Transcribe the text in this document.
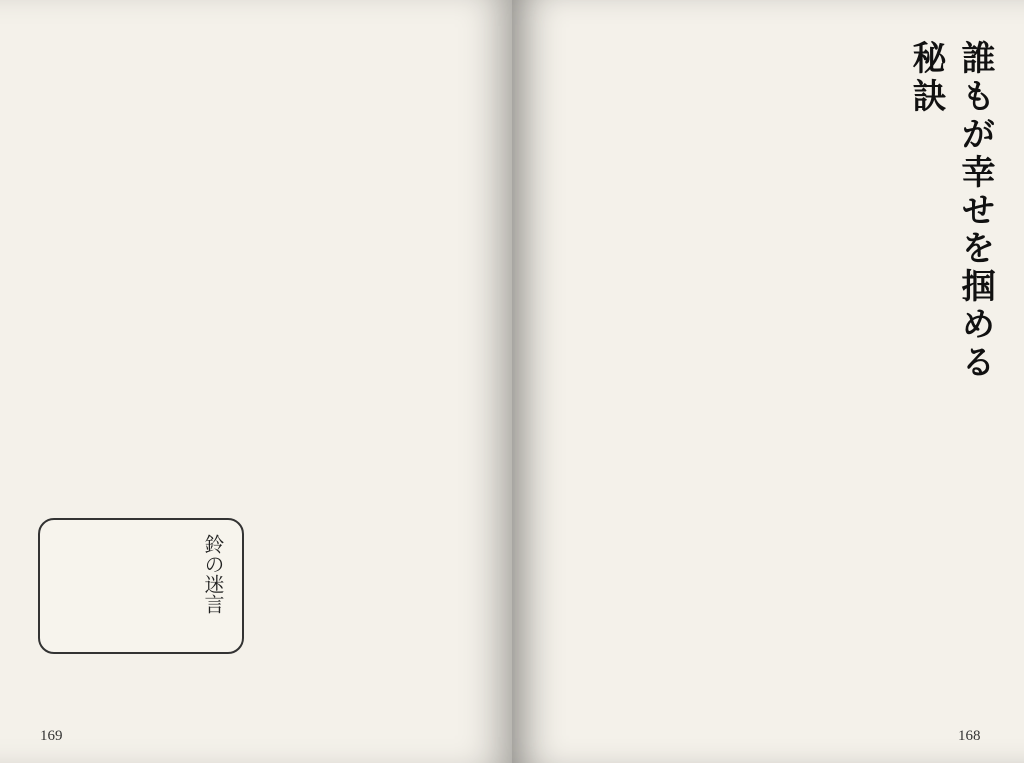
鈴の迷言
169
誰もが幸せを掴める秘訣
168
